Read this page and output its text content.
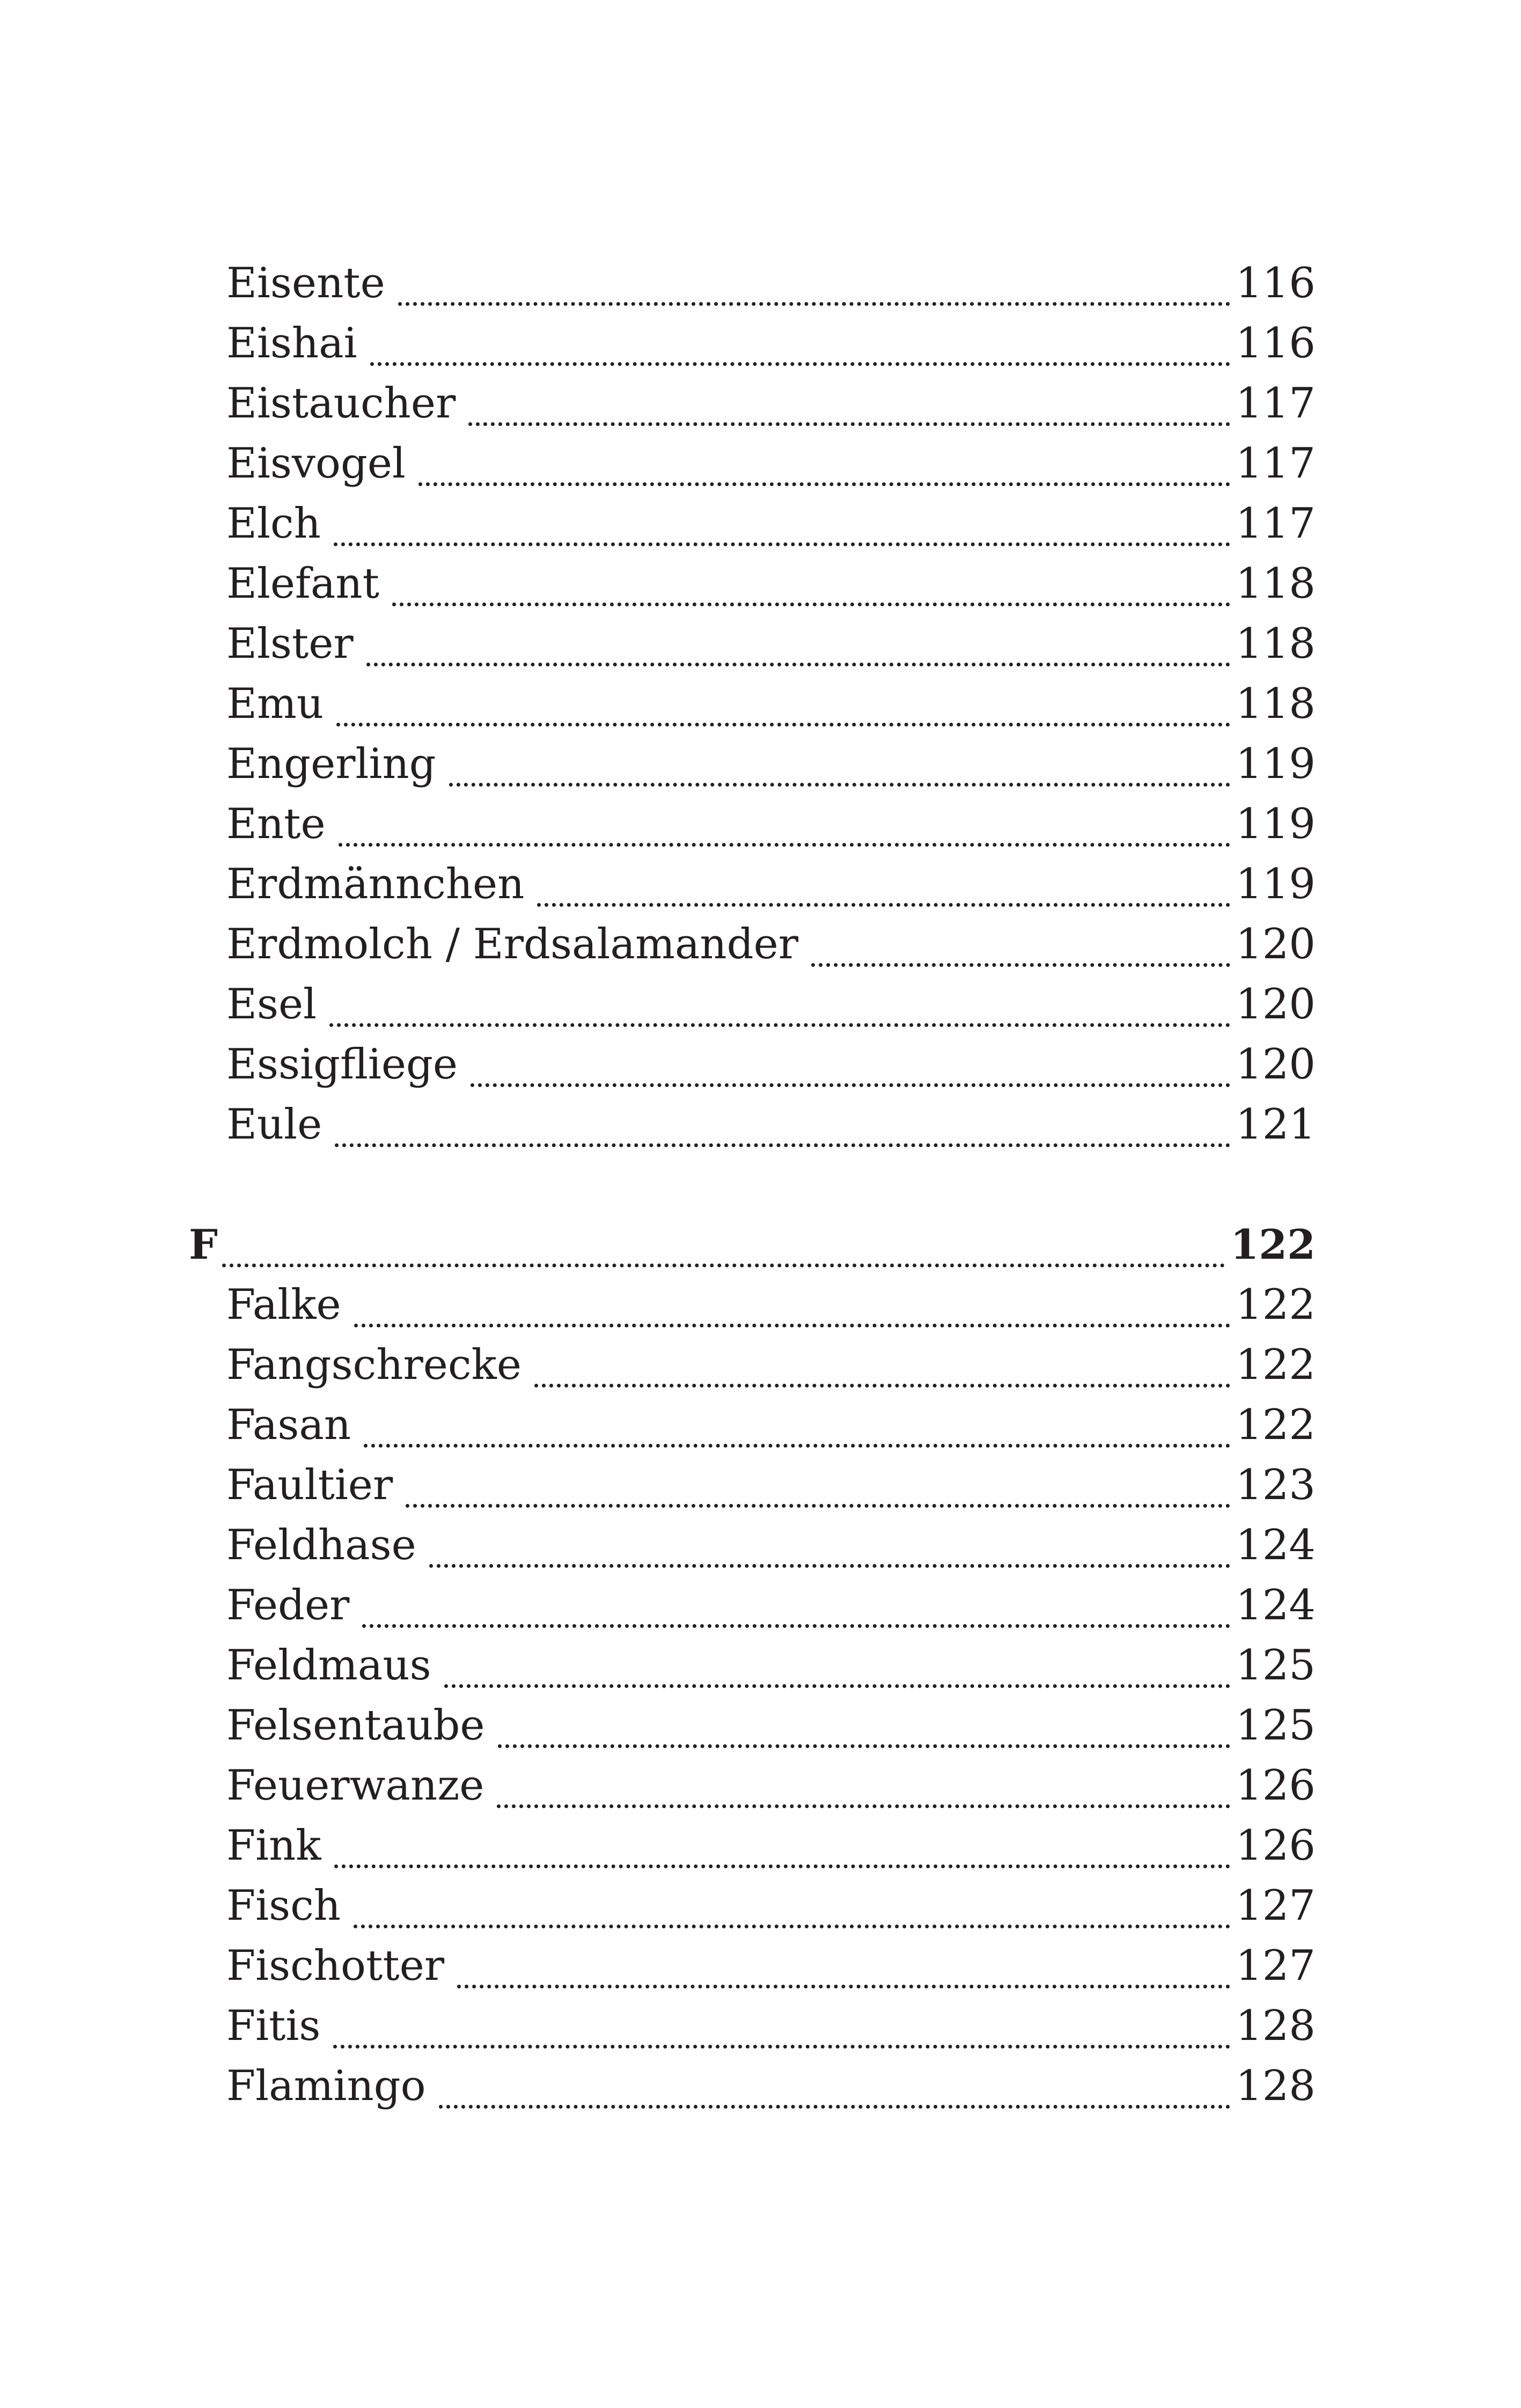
Eisente	116
Eishai	116
Eistaucher	117
Eisvogel	117
Elch	117
Elefant	118
Elster	118
Emu	118
Engerling	119
Ente	119
Erdmännchen	119
Erdmolch / Erdsalamander	120
Esel	120
Essigfliege	120
Eule	121
F	122
Falke	122
Fangschrecke	122
Fasan	122
Faultier	123
Feldhase	124
Feder	124
Feldmaus	125
Felsentaube	125
Feuerwanze	126
Fink	126
Fisch	127
Fischotter	127
Fitis	128
Flamingo	128
